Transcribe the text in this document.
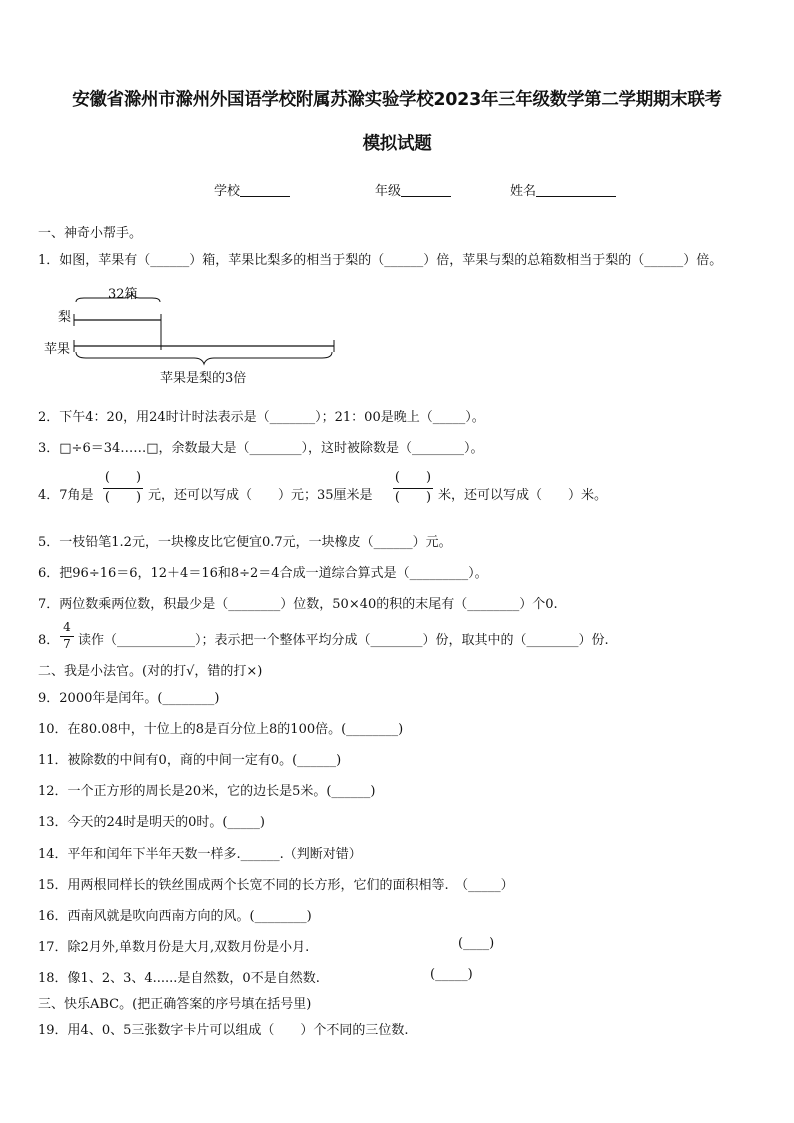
安徽省滁州市滁州外国语学校附属苏滁实验学校2023年三年级数学第二学期期末联考
模拟试题
学校	年级	姓名
一、神奇小帮手。
1．如图，苹果有（______）箱，苹果比梨多的相当于梨的（______）倍，苹果与梨的总箱数相当于梨的（______）倍。
32箱
梨
苹果
苹果是梨的3倍
2．下午4：20，用24时计时法表示是（_______）；21：00是晚上（_____）。
3．□÷6＝34……□，余数最大是（________），这时被除数是（________）。
4．7角是
(　　)
(　　) 元，还可以写成（　　）元；35厘米是
(　　)
(　　) 米，还可以写成（　　）米。
5．一枝铅笔1.2元，一块橡皮比它便宜0.7元，一块橡皮（______）元。
6．把96÷16＝6，12＋4＝16和8÷2＝4合成一道综合算式是（_________）。
7．两位数乘两位数，积最少是（________）位数，50×40的积的末尾有（________）个0.
8．
4
7 读作（____________）；表示把一个整体平均分成（________）份，取其中的（________）份.
二、我是小法官。(对的打√，错的打×)
9．2000年是闰年。(________)
10．在80.08中，十位上的8是百分位上8的100倍。(________)
11．被除数的中间有0，商的中间一定有0。(______)
12．一个正方形的周长是20米，它的边长是5米。(______)
13．今天的24时是明天的0时。(_____)
14．平年和闰年下半年天数一样多.______.（判断对错）
15．用两根同样长的铁丝围成两个长宽不同的长方形，它们的面积相等.　（_____）
16．西南风就是吹向西南方向的风。(________)
17．除2月外,单数月份是大月,双数月份是小月.	(____)
18．像1、2、3、4......是自然数，0不是自然数.	(_____)
三、快乐ABC。(把正确答案的序号填在括号里)
19．用4、0、5三张数字卡片可以组成（　　）个不同的三位数.
